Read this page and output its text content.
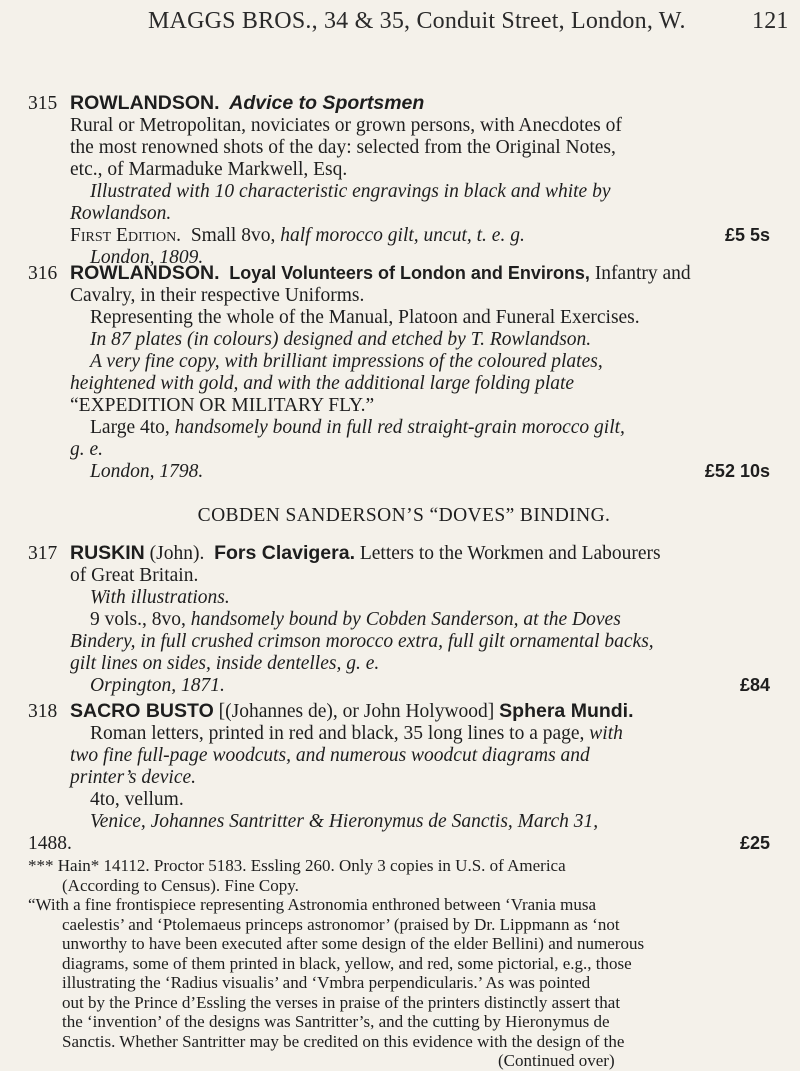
MAGGS BROS., 34 & 35, Conduit Street, London, W.	121
315 ROWLANDSON. Advice to Sportsmen
Rural or Metropolitan, noviciates or grown persons, with Anecdotes of
the most renowned shots of the day: selected from the Original Notes,
etc., of Marmaduke Markwell, Esq.
Illustrated with 10 characteristic engravings in black and white by
Rowlandson.
First Edition. Small 8vo, half morocco gilt, uncut, t. e. g.
London, 1809.
£5 5s
316 ROWLANDSON. Loyal Volunteers of London and Environs, Infantry and
Cavalry, in their respective Uniforms.
Representing the whole of the Manual, Platoon and Funeral Exercises.
In 87 plates (in colours) designed and etched by T. Rowlandson.
A very fine copy, with brilliant impressions of the coloured plates,
heightened with gold, and with the additional large folding plate
“EXPEDITION OR MILITARY FLY.”
Large 4to, handsomely bound in full red straight-grain morocco gilt,
g. e.
London, 1798.	£52 10s
COBDEN SANDERSON’S “DOVES” BINDING.
317 RUSKIN (John). Fors Clavigera. Letters to the Workmen and Labourers
of Great Britain.
With illustrations.
9 vols., 8vo, handsomely bound by Cobden Sanderson, at the Doves
Bindery, in full crushed crimson morocco extra, full gilt ornamental backs,
gilt lines on sides, inside dentelles, g. e.
Orpington, 1871.	£84
318 SACRO BUSTO [(Johannes de), or John Holywood] Sphera Mundi.
Roman letters, printed in red and black, 35 long lines to a page, with
two fine full-page woodcuts, and numerous woodcut diagrams and
printer’s device.
4to, vellum.
Venice, Johannes Santritter & Hieronymus de Sanctis, March 31,
1488.	£25
*** Hain* 14112. Proctor 5183. Essling 260. Only 3 copies in U.S. of America
(According to Census). Fine Copy.
“With a fine frontispiece representing Astronomia enthroned between ‘Vrania musa
caelestis’ and ‘Ptolemaeus princeps astronomor’ (praised by Dr. Lippmann as ‘not
unworthy to have been executed after some design of the elder Bellini) and numerous
diagrams, some of them printed in black, yellow, and red, some pictorial, e.g., those
illustrating the ‘Radius visualis’ and ‘Vmbra perpendicularis.’ As was pointed
out by the Prince d’Essling the verses in praise of the printers distinctly assert that
the ‘invention’ of the designs was Santritter’s, and the cutting by Hieronymus de
Sanctis. Whether Santritter may be credited on this evidence with the design of the
(Continued over)
